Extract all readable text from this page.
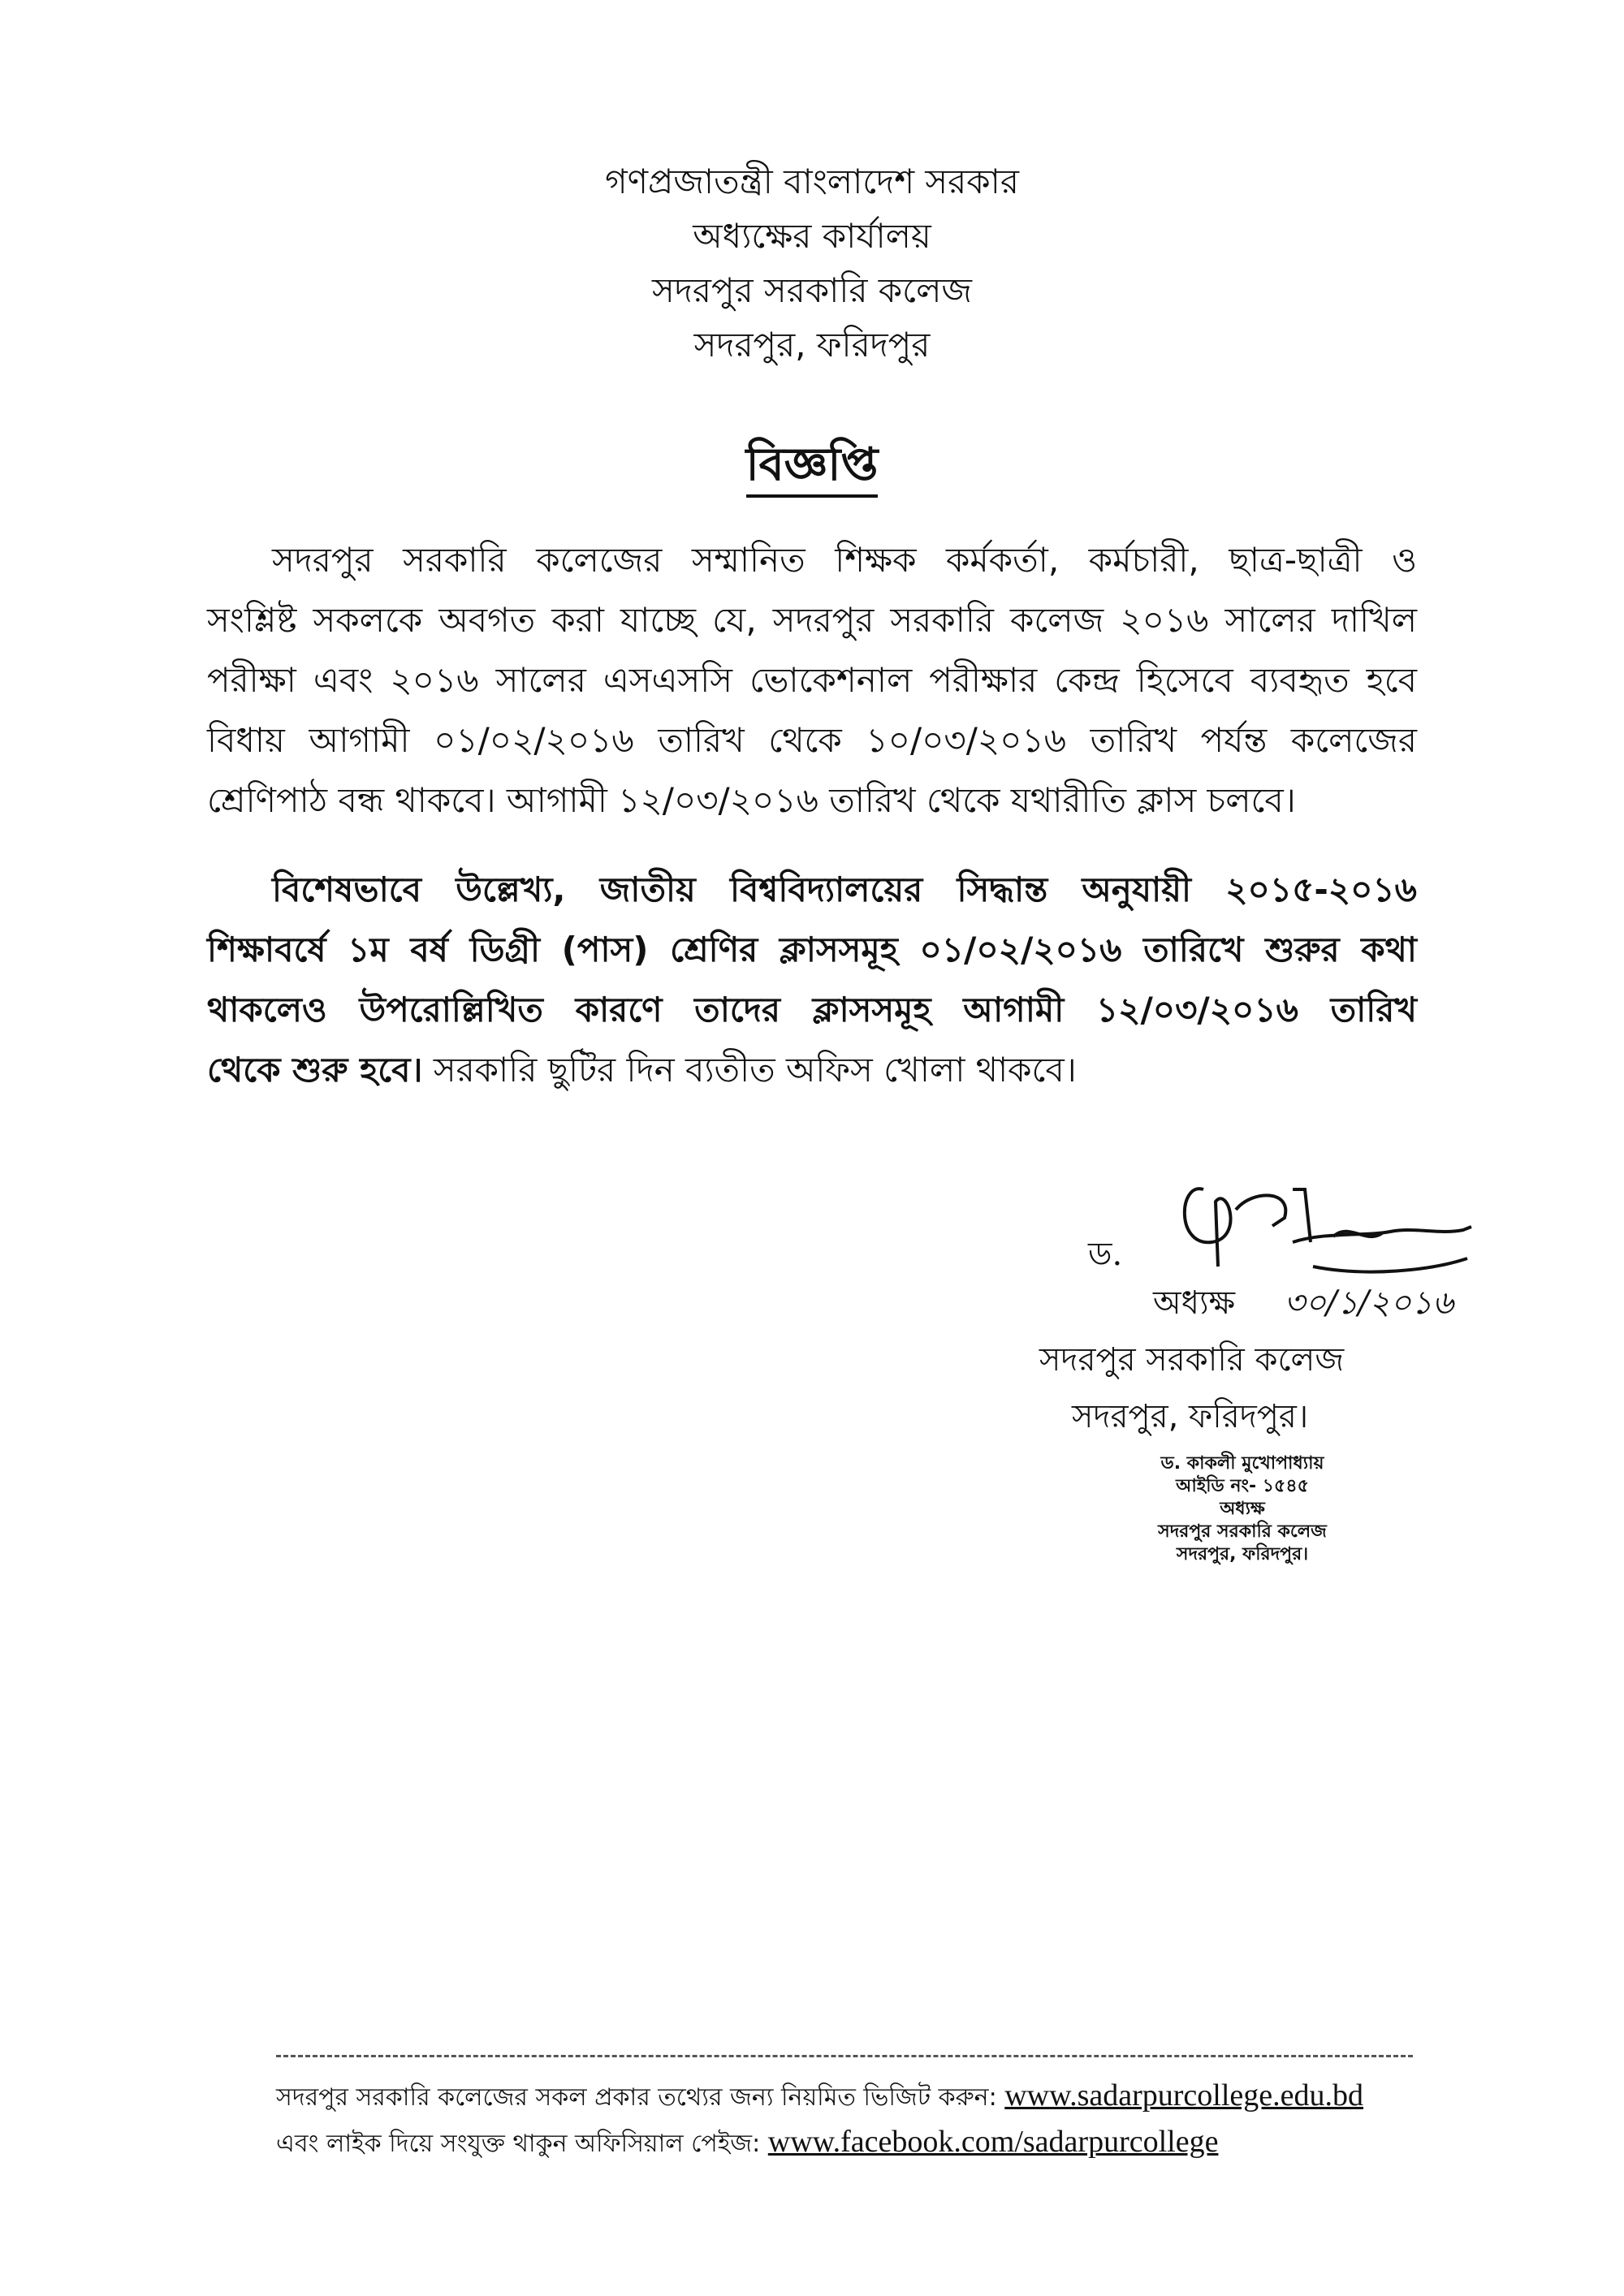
গণপ্রজাতন্ত্রী বাংলাদেশ সরকার
অধ্যক্ষের কার্যালয়
সদরপুর সরকারি কলেজ
সদরপুর, ফরিদপুর
বিজ্ঞপ্তি
সদরপুর সরকারি কলেজের সম্মানিত শিক্ষক কর্মকর্তা, কর্মচারী, ছাত্র-ছাত্রী ও
সংশ্লিষ্ট সকলকে অবগত করা যাচ্ছে যে, সদরপুর সরকারি কলেজ ২০১৬ সালের দাখিল
পরীক্ষা এবং ২০১৬ সালের এসএসসি ভোকেশনাল পরীক্ষার কেন্দ্র হিসেবে ব্যবহৃত হবে
বিধায় আগামী ০১/০২/২০১৬ তারিখ থেকে ১০/০৩/২০১৬ তারিখ পর্যন্ত কলেজের
শ্রেণিপাঠ বন্ধ থাকবে। আগামী ১২/০৩/২০১৬ তারিখ থেকে যথারীতি ক্লাস চলবে।
বিশেষভাবে উল্লেখ্য, জাতীয় বিশ্ববিদ্যালয়ের সিদ্ধান্ত অনুযায়ী ২০১৫-২০১৬
শিক্ষাবর্ষে ১ম বর্ষ ডিগ্রী (পাস) শ্রেণির ক্লাসসমূহ ০১/০২/২০১৬ তারিখে শুরুর কথা
থাকলেও উপরোল্লিখিত কারণে তাদের ক্লাসসমূহ আগামী ১২/০৩/২০১৬ তারিখ
থেকে শুরু হবে। সরকারি ছুটির দিন ব্যতীত অফিস খোলা থাকবে।
ড.
অধ্যক্ষ ৩০/১/২০১৬
সদরপুর সরকারি কলেজ
সদরপুর, ফরিদপুর।
ড. কাকলী মুখোপাধ্যায়
আইডি নং- ১৫৪৫
অধ্যক্ষ
সদরপুর সরকারি কলেজ
সদরপুর, ফরিদপুর।
সদরপুর সরকারি কলেজের সকল প্রকার তথ্যের জন্য নিয়মিত ভিজিট করুন: www.sadarpurcollege.edu.bd
এবং লাইক দিয়ে সংযুক্ত থাকুন অফিসিয়াল পেইজ: www.facebook.com/sadarpurcollege
